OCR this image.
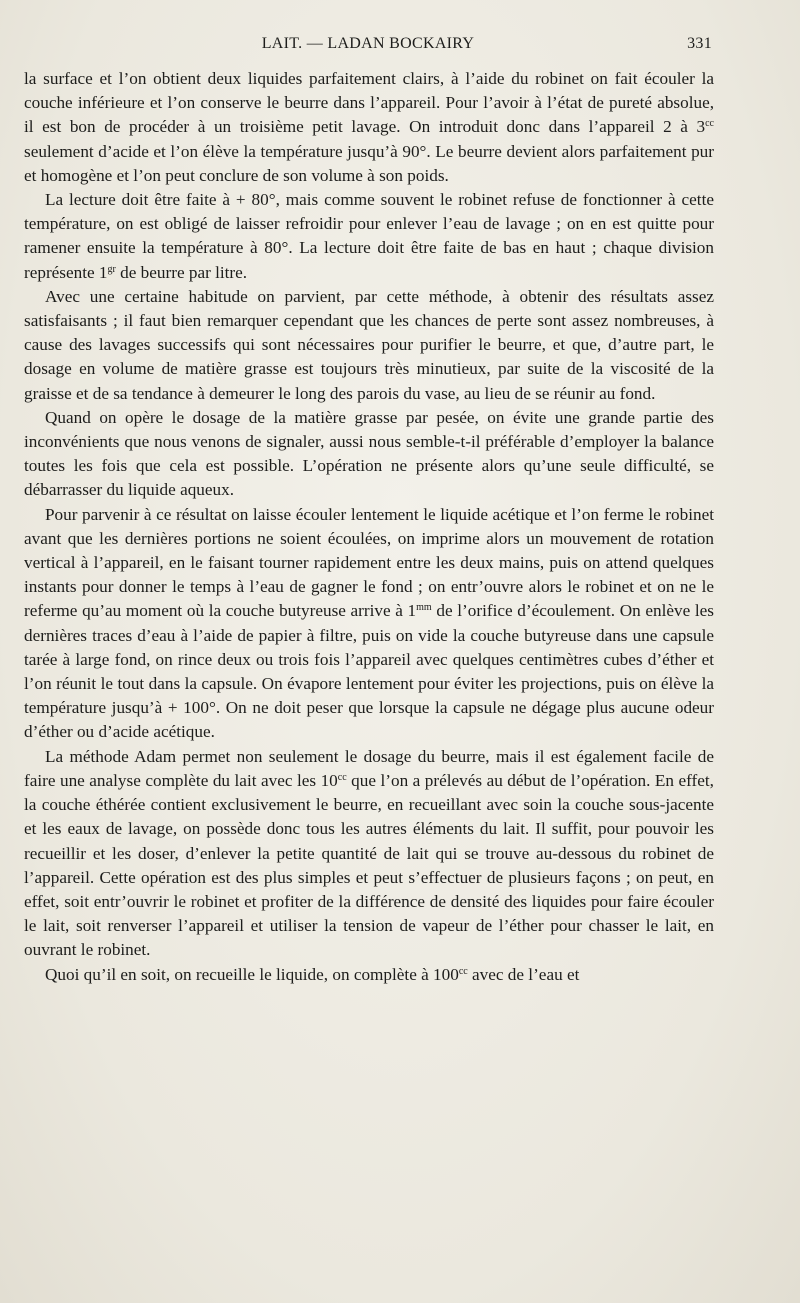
LAIT. — LADAN BOCKAIRY	331

la surface et l’on obtient deux liquides parfaitement clairs, à l’aide du robinet on fait écouler la couche inférieure et l’on conserve le beurre dans l’appareil. Pour l’avoir à l’état de pureté absolue, il est bon de procéder à un troisième petit lavage. On introduit donc dans l’appareil 2 à $3^{cc}$ seulement d’acide et l’on élève la température jusqu’à 90°. Le beurre devient alors parfaitement pur et homogène et l’on peut conclure de son volume à son poids.

La lecture doit être faite à + 80°, mais comme souvent le robinet refuse de fonctionner à cette température, on est obligé de laisser refroidir pour enlever l’eau de lavage ; on en est quitte pour ramener ensuite la température à 80°. La lecture doit être faite de bas en haut ; chaque division représente $1^{gr}$ de beurre par litre.

Avec une certaine habitude on parvient, par cette méthode, à obtenir des résultats assez satisfaisants ; il faut bien remarquer cependant que les chances de perte sont assez nombreuses, à cause des lavages successifs qui sont nécessaires pour purifier le beurre, et que, d’autre part, le dosage en volume de matière grasse est toujours très minutieux, par suite de la viscosité de la graisse et de sa tendance à demeurer le long des parois du vase, au lieu de se réunir au fond.

Quand on opère le dosage de la matière grasse par pesée, on évite une grande partie des inconvénients que nous venons de signaler, aussi nous semble-t-il préférable d’employer la balance toutes les fois que cela est possible. L’opération ne présente alors qu’une seule difficulté, se débarrasser du liquide aqueux.

Pour parvenir à ce résultat on laisse écouler lentement le liquide acétique et l’on ferme le robinet avant que les dernières portions ne soient écoulées, on imprime alors un mouvement de rotation vertical à l’appareil, en le faisant tourner rapidement entre les deux mains, puis on attend quelques instants pour donner le temps à l’eau de gagner le fond ; on entr’ouvre alors le robinet et on ne le referme qu’au moment où la couche butyreuse arrive à $1^{mm}$ de l’orifice d’écoulement. On enlève les dernières traces d’eau à l’aide de papier à filtre, puis on vide la couche butyreuse dans une capsule tarée à large fond, on rince deux ou trois fois l’appareil avec quelques centimètres cubes d’éther et l’on réunit le tout dans la capsule. On évapore lentement pour éviter les projections, puis on élève la température jusqu’à + 100°. On ne doit peser que lorsque la capsule ne dégage plus aucune odeur d’éther ou d’acide acétique.

La méthode Adam permet non seulement le dosage du beurre, mais il est également facile de faire une analyse complète du lait avec les $10^{cc}$ que l’on a prélevés au début de l’opération. En effet, la couche éthérée contient exclusivement le beurre, en recueillant avec soin la couche sous-jacente et les eaux de lavage, on possède donc tous les autres éléments du lait. Il suffit, pour pouvoir les recueillir et les doser, d’enlever la petite quantité de lait qui se trouve au-dessous du robinet de l’appareil. Cette opération est des plus simples et peut s’effectuer de plusieurs façons ; on peut, en effet, soit entr’ouvrir le robinet et profiter de la différence de densité des liquides pour faire écouler le lait, soit renverser l’appareil et utiliser la tension de vapeur de l’éther pour chasser le lait, en ouvrant le robinet.

Quoi qu’il en soit, on recueille le liquide, on complète à $100^{cc}$ avec de l’eau et
